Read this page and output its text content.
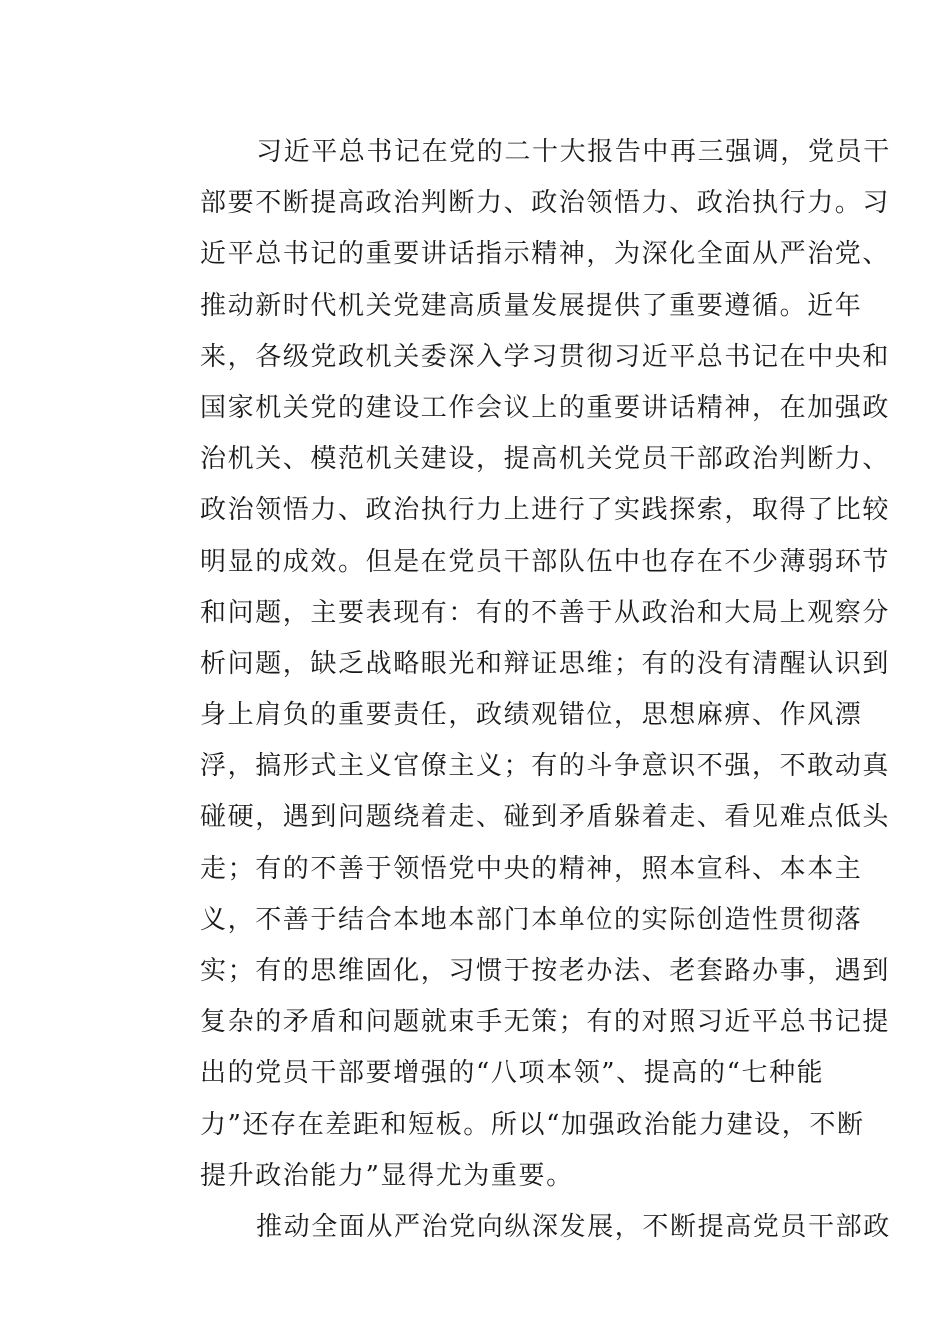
习近平总书记在党的二十大报告中再三强调，党员干
部要不断提高政治判断力、政治领悟力、政治执行力。习
近平总书记的重要讲话指示精神，为深化全面从严治党、
推动新时代机关党建高质量发展提供了重要遵循。近年
来，各级党政机关委深入学习贯彻习近平总书记在中央和
国家机关党的建设工作会议上的重要讲话精神，在加强政
治机关、模范机关建设，提高机关党员干部政治判断力、
政治领悟力、政治执行力上进行了实践探索，取得了比较
明显的成效。但是在党员干部队伍中也存在不少薄弱环节
和问题，主要表现有：有的不善于从政治和大局上观察分
析问题，缺乏战略眼光和辩证思维；有的没有清醒认识到
身上肩负的重要责任，政绩观错位，思想麻痹、作风漂
浮，搞形式主义官僚主义；有的斗争意识不强，不敢动真
碰硬，遇到问题绕着走、碰到矛盾躲着走、看见难点低头
走；有的不善于领悟党中央的精神，照本宣科、本本主
义，不善于结合本地本部门本单位的实际创造性贯彻落
实；有的思维固化，习惯于按老办法、老套路办事，遇到
复杂的矛盾和问题就束手无策；有的对照习近平总书记提
出的党员干部要增强的“八项本领”、提高的“七种能
力”还存在差距和短板。所以“加强政治能力建设，不断
提升政治能力”显得尤为重要。
推动全面从严治党向纵深发展，不断提高党员干部政
